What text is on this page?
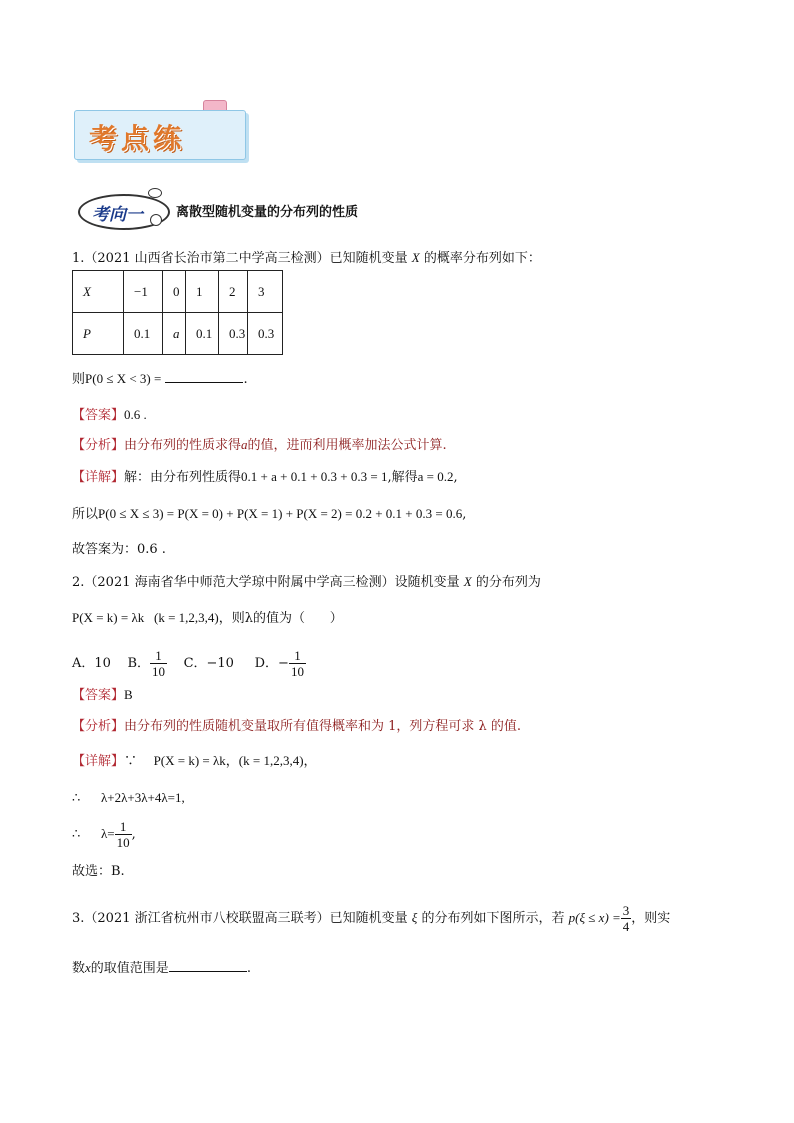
考点练
考向一	离散型随机变量的分布列的性质
1.（2021 山西省长治市第二中学高三检测）已知随机变量 X 的概率分布列如下：
X	−1	0	1	2	3
P	0.1	a	0.1	0.3	0.3
则P(0 ≤ X < 3) =	.
【答案】0.6 .
【分析】由分布列的性质求得a的值，进而利用概率加法公式计算.
【详解】解：由分布列性质得0.1 + a + 0.1 + 0.3 + 0.3 = 1,解得a = 0.2,
所以P(0 ≤ X ≤ 3) = P(X = 0) + P(X = 1) + P(X = 2) = 0.2 + 0.1 + 0.3 = 0.6,
故答案为：0.6 .
2.（2021 海南省华中师范大学琼中附属中学高三检测）设随机变量 X 的分布列为
P(X = k) = λk   (k = 1,2,3,4)，则λ的值为（      ）
A．10 B． $\frac{1}{10}$ C．−10 D．− $\frac{1}{10}$
【答案】B
【分析】由分布列的性质随机变量取所有值得概率和为 1，列方程可求 λ 的值.
【详解】∵ P(X = k) = λk，(k = 1,2,3,4)，
∴ λ+2λ+3λ+4λ=1,
∴ $\lambda= \frac{1}{10}$ ,
故选：B.
3.（2021 浙江省杭州市八校联盟高三联考）已知随机变量 ξ 的分布列如下图所示，若 $p(\xi \le x) = \frac{3}{4}$ ，则实
数x的取值范围是	.
